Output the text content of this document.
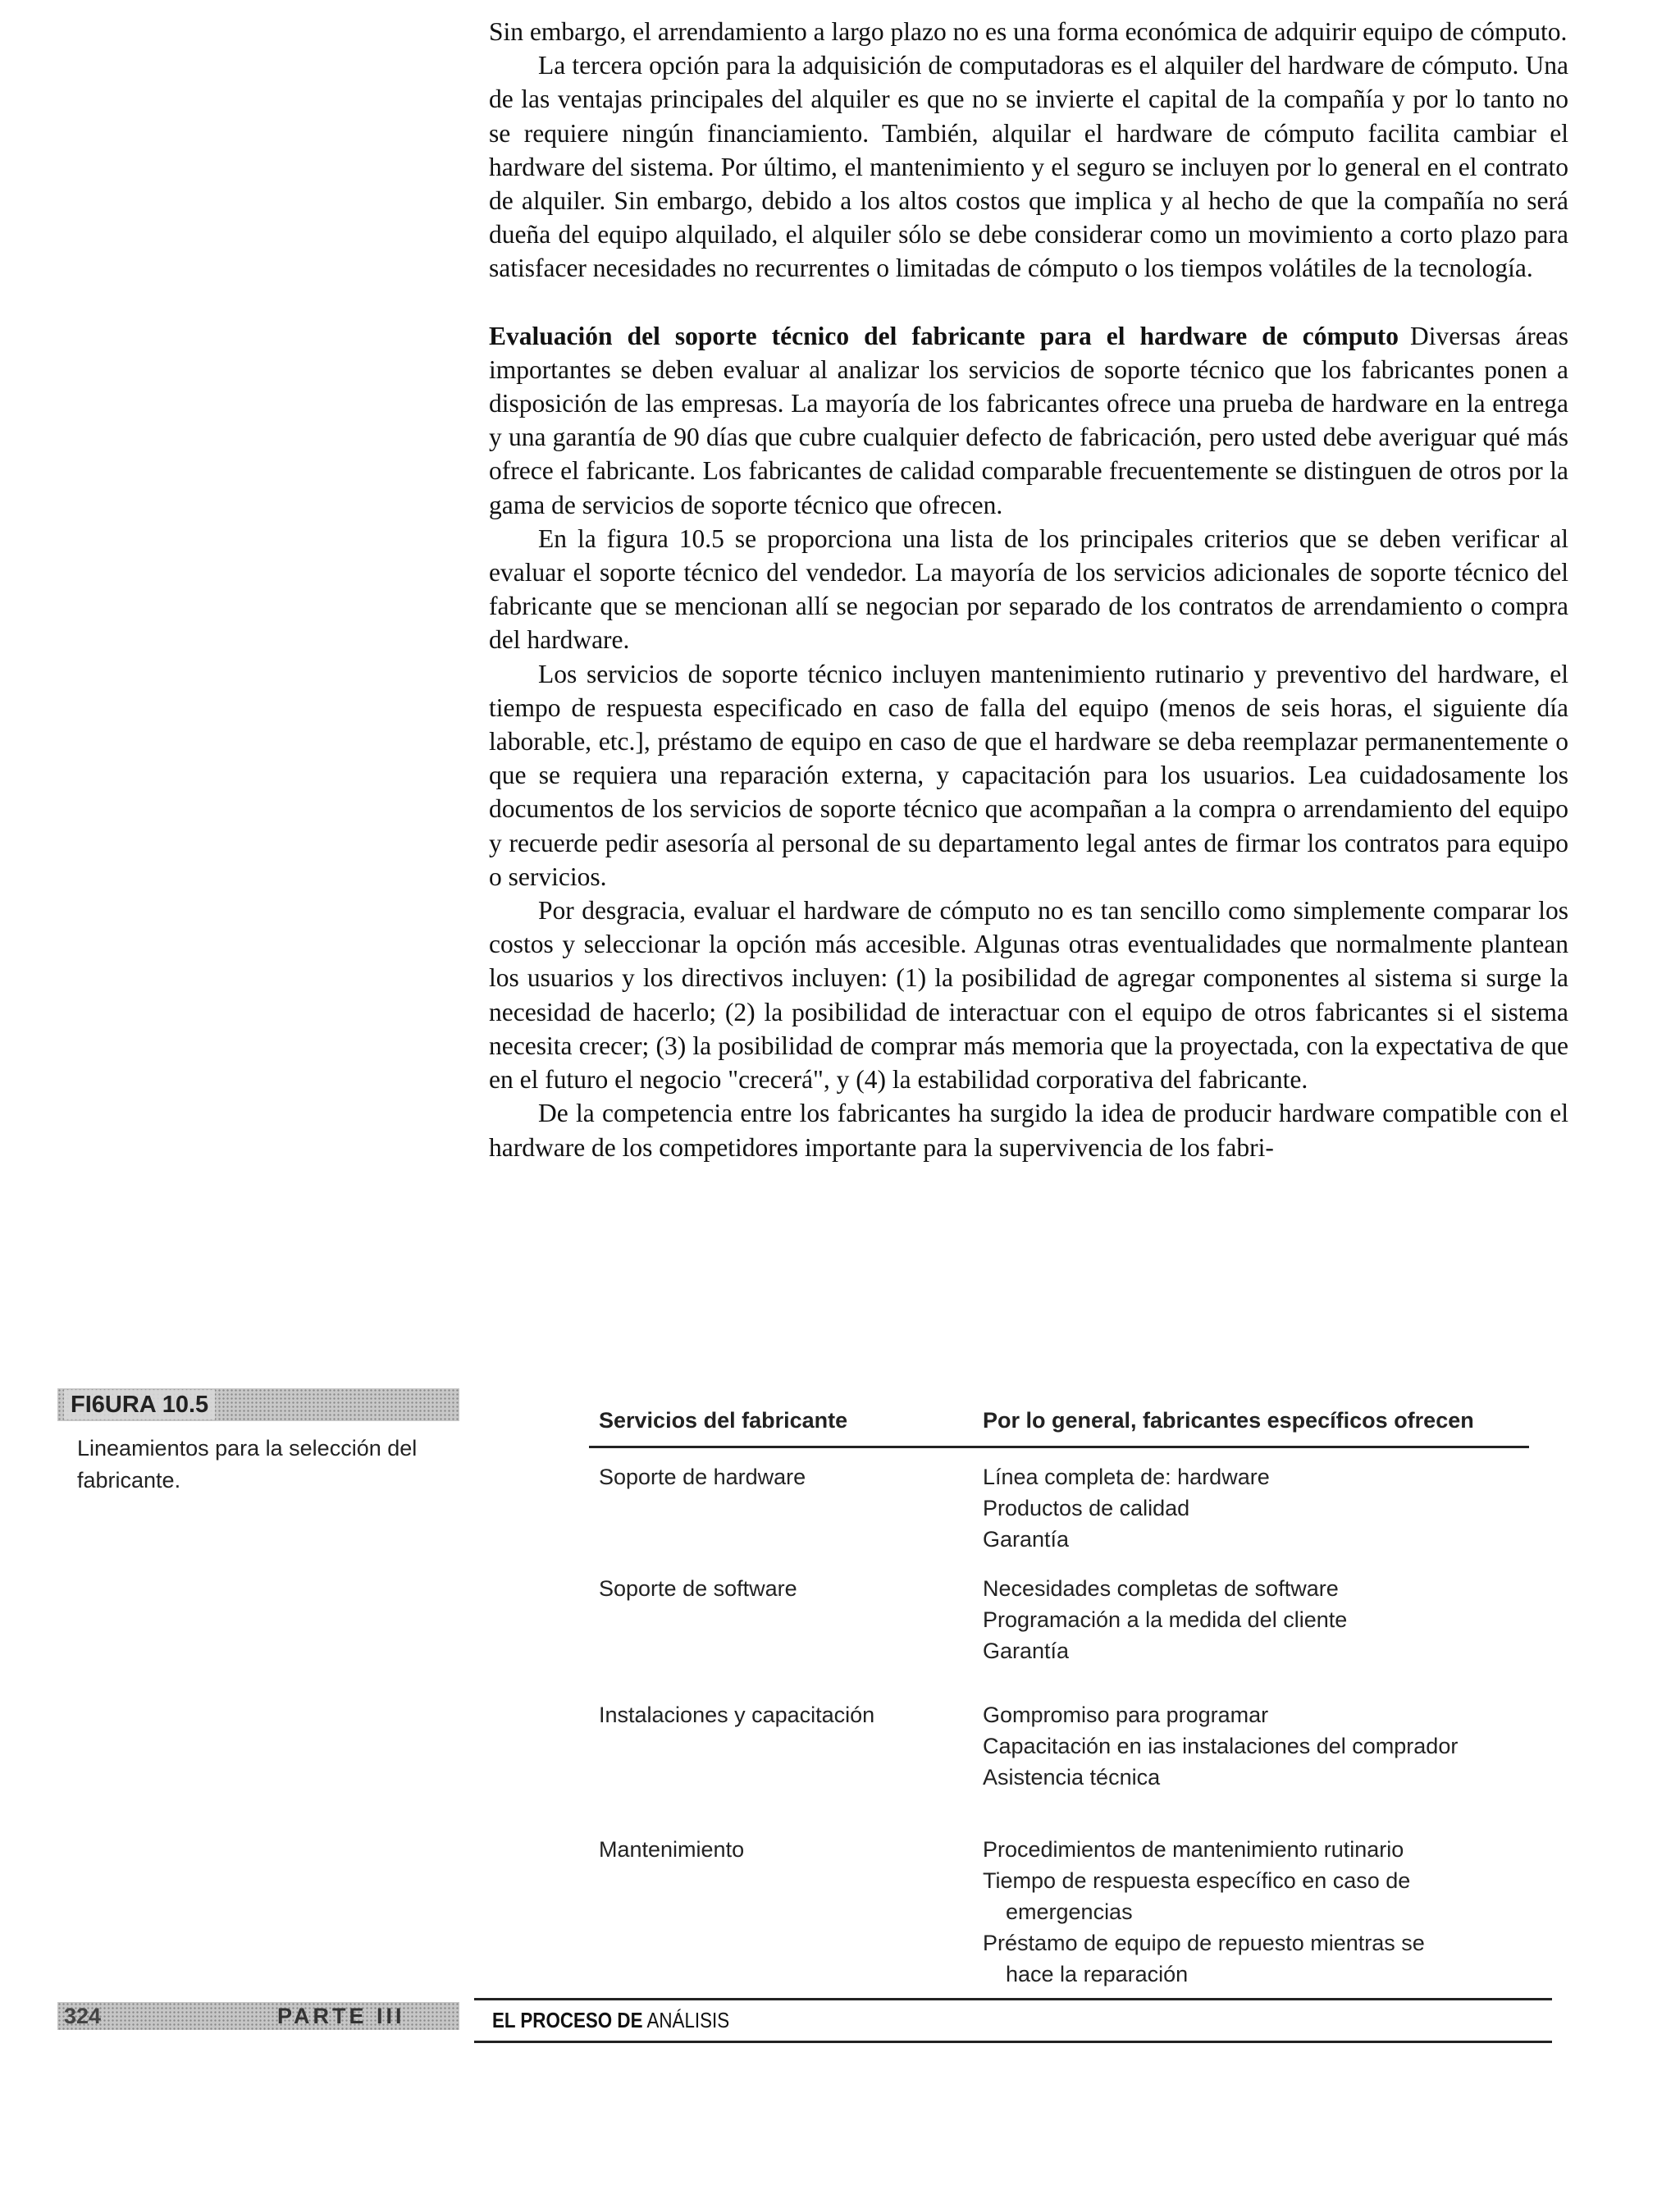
Sin embargo, el arrendamiento a largo plazo no es una forma económica de adquirir equipo de cómputo.

La tercera opción para la adquisición de computadoras es el alquiler del hardware de cómputo. Una de las ventajas principales del alquiler es que no se invierte el capital de la compañía y por lo tanto no se requiere ningún financiamiento. También, alquilar el hardware de cómputo facilita cambiar el hardware del sistema. Por último, el mantenimiento y el seguro se incluyen por lo general en el contrato de alquiler. Sin embargo, debido a los altos costos que implica y al hecho de que la compañía no será dueña del equipo alquilado, el alquiler sólo se debe considerar como un movimiento a corto plazo para satisfacer necesidades no recurrentes o limitadas de cómputo o los tiempos volátiles de la tecnología.

Evaluación del soporte técnico del fabricante para el hardware de cómputo Diversas áreas importantes se deben evaluar al analizar los servicios de soporte técnico que los fabricantes ponen a disposición de las empresas. La mayoría de los fabricantes ofrece una prueba de hardware en la entrega y una garantía de 90 días que cubre cualquier defecto de fabricación, pero usted debe averiguar qué más ofrece el fabricante. Los fabricantes de calidad comparable frecuentemente se distinguen de otros por la gama de servicios de soporte técnico que ofrecen.

En la figura 10.5 se proporciona una lista de los principales criterios que se deben verificar al evaluar el soporte técnico del vendedor. La mayoría de los servicios adicionales de soporte técnico del fabricante que se mencionan allí se negocian por separado de los contratos de arrendamiento o compra del hardware.

Los servicios de soporte técnico incluyen mantenimiento rutinario y preventivo del hardware, el tiempo de respuesta especificado en caso de falla del equipo (menos de seis horas, el siguiente día laborable, etc.], préstamo de equipo en caso de que el hardware se deba reemplazar permanentemente o que se requiera una reparación externa, y capacitación para los usuarios. Lea cuidadosamente los documentos de los servicios de soporte técnico que acompañan a la compra o arrendamiento del equipo y recuerde pedir asesoría al personal de su departamento legal antes de firmar los contratos para equipo o servicios.

Por desgracia, evaluar el hardware de cómputo no es tan sencillo como simplemente comparar los costos y seleccionar la opción más accesible. Algunas otras eventualidades que normalmente plantean los usuarios y los directivos incluyen: (1) la posibilidad de agregar componentes al sistema si surge la necesidad de hacerlo; (2) la posibilidad de interactuar con el equipo de otros fabricantes si el sistema necesita crecer; (3) la posibilidad de comprar más memoria que la proyectada, con la expectativa de que en el futuro el negocio "crecerá", y (4) la estabilidad corporativa del fabricante.

De la competencia entre los fabricantes ha surgido la idea de producir hardware compatible con el hardware de los competidores importante para la supervivencia de los fabri-

FI6URA 10.5
Lineamientos para la selección del fabricante.
Servicios del fabricante	Por lo general, fabricantes específicos ofrecen
Soporte de hardware	Línea completa de: hardware
Productos de calidad
Garantía
Soporte de software	Necesidades completas de software
Programación a la medida del cliente
Garantía
Instalaciones y capacitación	Gompromiso para programar
Capacitación en ias instalaciones del comprador
Asistencia técnica
Mantenimiento	Procedimientos de mantenimiento rutinario
Tiempo de respuesta específico en caso de
emergencias
Préstamo de equipo de repuesto mientras se
hace la reparación
324	PARTE III	EL PROCESO DE ANÁLISIS
